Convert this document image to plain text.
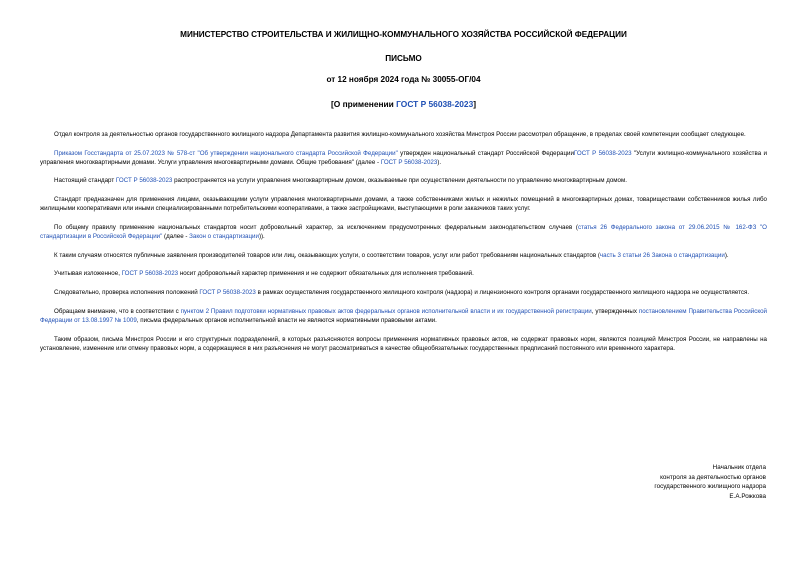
МИНИСТЕРСТВО СТРОИТЕЛЬСТВА И ЖИЛИЩНО-КОММУНАЛЬНОГО ХОЗЯЙСТВА РОССИЙСКОЙ ФЕДЕРАЦИИ
ПИСЬМО
от 12 ноября 2024 года № 30055-ОГ/04
[О применении ГОСТ Р 56038-2023]

Отдел контроля за деятельностью органов государственного жилищного надзора Департамента развития жилищно-коммунального хозяйства Минстроя России рассмотрел обращение, в пределах своей компетенции сообщает следующее.

Приказом Госстандарта от 25.07.2023 № 578-ст "Об утверждении национального стандарта Российской Федерации" утвержден национальный стандарт Российской ФедерацииГОСТ Р 56038-2023 "Услуги жилищно-коммунального хозяйства и управления многоквартирными домами. Услуги управления многоквартирными домами. Общие требования" (далее - ГОСТ Р 56038-2023).

Настоящий стандарт ГОСТ Р 56038-2023 распространяется на услуги управления многоквартирным домом, оказываемые при осуществлении деятельности по управлению многоквартирным домом.

Стандарт предназначен для применения лицами, оказывающими услуги управления многоквартирными домами, а также собственниками жилых и нежилых помещений в многоквартирных домах, товариществами собственников жилья либо жилищными кооперативами или иными специализированными потребительскими кооперативами, а также застройщиками, выступающими в роли заказчиков таких услуг.

По общему правилу применение национальных стандартов носит добровольный характер, за исключением предусмотренных федеральным законодательством случаев (статья 26 Федерального закона от 29.06.2015 № 162-ФЗ "О стандартизации в Российской Федерации" (далее - Закон о стандартизации)).

К таким случаям относятся публичные заявления производителей товаров или лиц, оказывающих услуги, о соответствии товаров, услуг или работ требованиям национальных стандартов (часть 3 статьи 26 Закона о стандартизации).

Учитывая изложенное, ГОСТ Р 56038-2023 носит добровольный характер применения и не содержит обязательных для исполнения требований.

Следовательно, проверка исполнения положений ГОСТ Р 56038-2023 в рамках осуществления государственного жилищного контроля (надзора) и лицензионного контроля органами государственного жилищного надзора не осуществляется.

Обращаем внимание, что в соответствии с пунктом 2 Правил подготовки нормативных правовых актов федеральных органов исполнительной власти и их государственной регистрации, утвержденных постановлением Правительства Российской Федерации от 13.08.1997 № 1009, письма федеральных органов исполнительной власти не являются нормативными правовыми актами.

Таким образом, письма Минстроя России и его структурных подразделений, в которых разъясняются вопросы применения нормативных правовых актов, не содержат правовых норм, являются позицией Минстроя России, не направлены на установление, изменение или отмену правовых норм, а содержащиеся в них разъяснения не могут рассматриваться в качестве общеобязательных государственных предписаний постоянного или временного характера.

Начальник отдела
контроля за деятельностью органов
государственного жилищного надзора
Е.А.Рожкова
